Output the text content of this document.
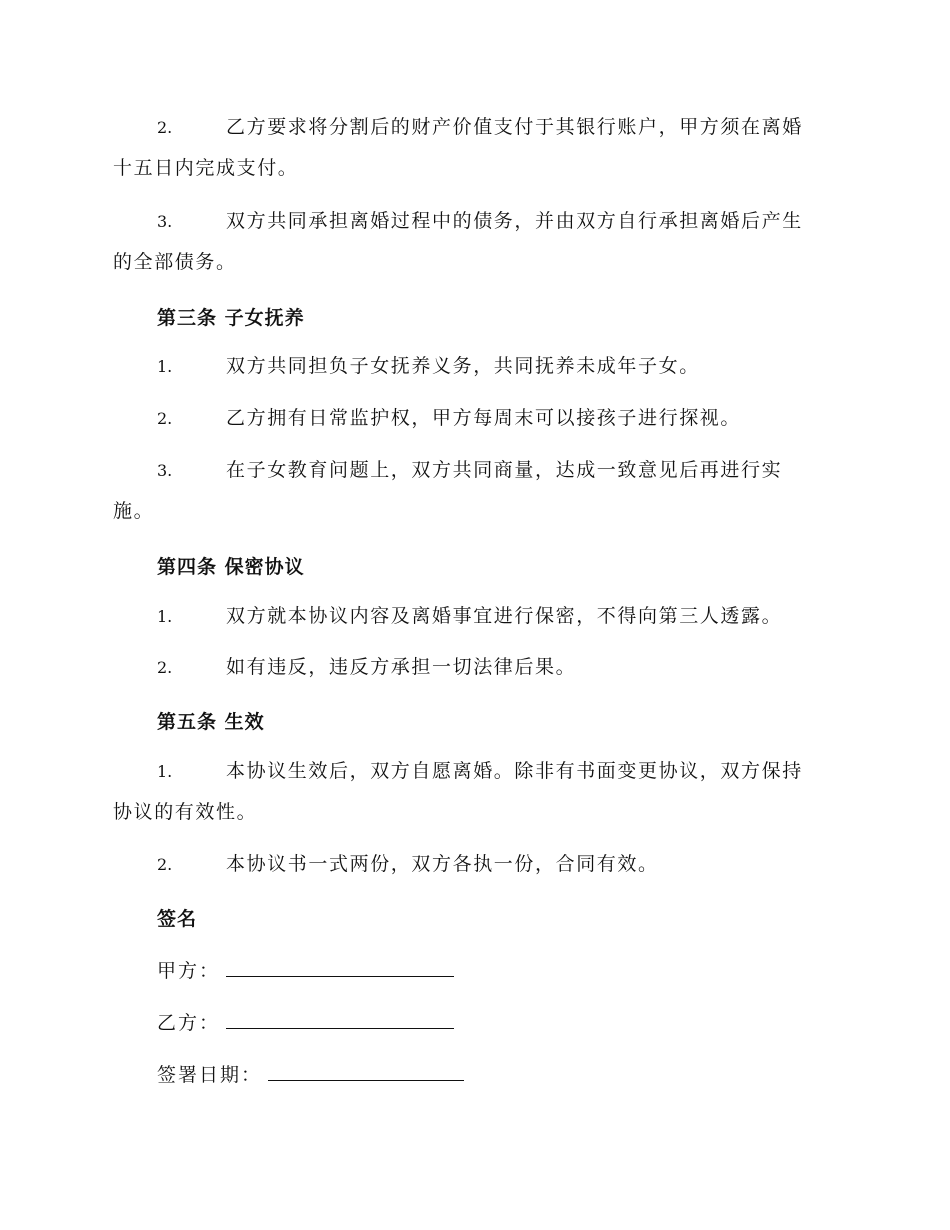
2.	乙方要求将分割后的财产价值支付于其银行账户，甲方须在离婚
十五日内完成支付。
3.	双方共同承担离婚过程中的债务，并由双方自行承担离婚后产生
的全部债务。
第三条 子女抚养
1.	双方共同担负子女抚养义务，共同抚养未成年子女。
2.	乙方拥有日常监护权，甲方每周末可以接孩子进行探视。
3.	在子女教育问题上，双方共同商量，达成一致意见后再进行实
施。
第四条 保密协议
1.	双方就本协议内容及离婚事宜进行保密，不得向第三人透露。
2.	如有违反，违反方承担一切法律后果。
第五条 生效
1.	本协议生效后，双方自愿离婚。除非有书面变更协议，双方保持
协议的有效性。
2.	本协议书一式两份，双方各执一份，合同有效。
签名
甲方：
乙方：
签署日期：
